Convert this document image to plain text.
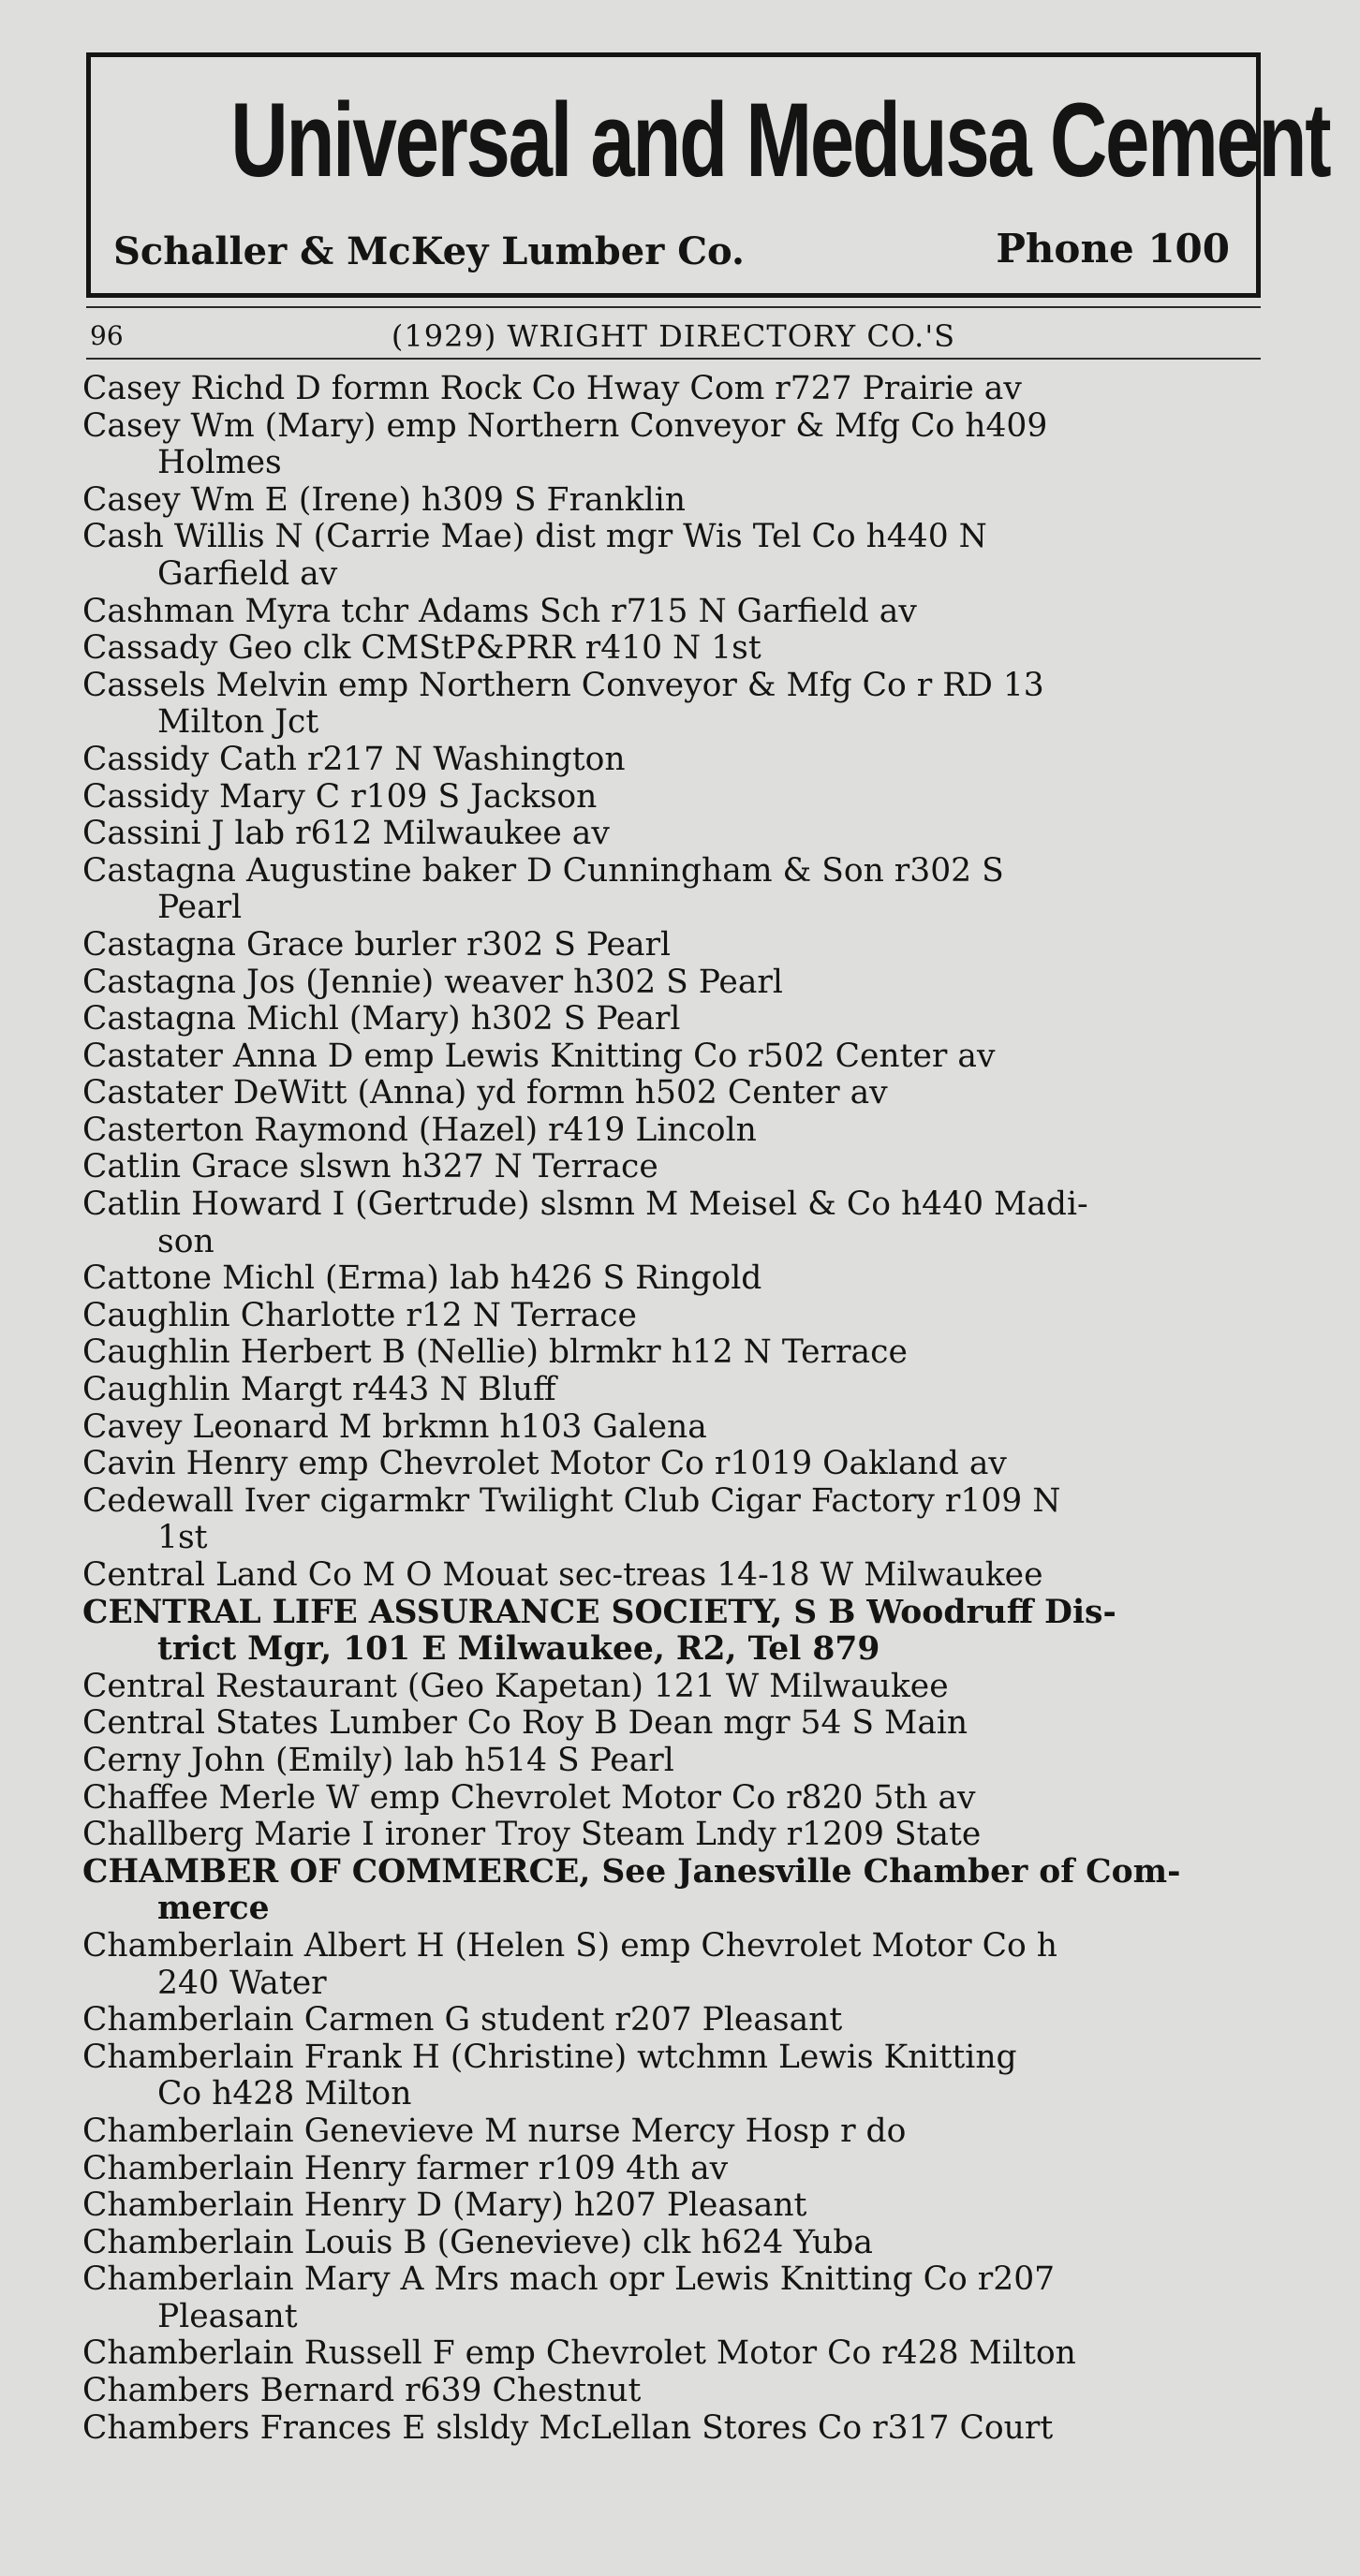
Universal and Medusa Cement
Schaller & McKey Lumber Co.	Phone 100
96	(1929) WRIGHT DIRECTORY CO.'S
Casey Richd D formn Rock Co Hway Com r727 Prairie av
Casey Wm (Mary) emp Northern Conveyor & Mfg Co h409
Holmes
Casey Wm E (Irene) h309 S Franklin
Cash Willis N (Carrie Mae) dist mgr Wis Tel Co h440 N
Garfield av
Cashman Myra tchr Adams Sch r715 N Garfield av
Cassady Geo clk CMStP&PRR r410 N 1st
Cassels Melvin emp Northern Conveyor & Mfg Co r RD 13
Milton Jct
Cassidy Cath r217 N Washington
Cassidy Mary C r109 S Jackson
Cassini J lab r612 Milwaukee av
Castagna Augustine baker D Cunningham & Son r302 S
Pearl
Castagna Grace burler r302 S Pearl
Castagna Jos (Jennie) weaver h302 S Pearl
Castagna Michl (Mary) h302 S Pearl
Castater Anna D emp Lewis Knitting Co r502 Center av
Castater DeWitt (Anna) yd formn h502 Center av
Casterton Raymond (Hazel) r419 Lincoln
Catlin Grace slswn h327 N Terrace
Catlin Howard I (Gertrude) slsmn M Meisel & Co h440 Madi-
son
Cattone Michl (Erma) lab h426 S Ringold
Caughlin Charlotte r12 N Terrace
Caughlin Herbert B (Nellie) blrmkr h12 N Terrace
Caughlin Margt r443 N Bluff
Cavey Leonard M brkmn h103 Galena
Cavin Henry emp Chevrolet Motor Co r1019 Oakland av
Cedewall Iver cigarmkr Twilight Club Cigar Factory r109 N
1st
Central Land Co M O Mouat sec-treas 14-18 W Milwaukee
CENTRAL LIFE ASSURANCE SOCIETY, S B Woodruff Dis-
trict Mgr, 101 E Milwaukee, R2, Tel 879
Central Restaurant (Geo Kapetan) 121 W Milwaukee
Central States Lumber Co Roy B Dean mgr 54 S Main
Cerny John (Emily) lab h514 S Pearl
Chaffee Merle W emp Chevrolet Motor Co r820 5th av
Challberg Marie I ironer Troy Steam Lndy r1209 State
CHAMBER OF COMMERCE, See Janesville Chamber of Com-
merce
Chamberlain Albert H (Helen S) emp Chevrolet Motor Co h
240 Water
Chamberlain Carmen G student r207 Pleasant
Chamberlain Frank H (Christine) wtchmn Lewis Knitting
Co h428 Milton
Chamberlain Genevieve M nurse Mercy Hosp r do
Chamberlain Henry farmer r109 4th av
Chamberlain Henry D (Mary) h207 Pleasant
Chamberlain Louis B (Genevieve) clk h624 Yuba
Chamberlain Mary A Mrs mach opr Lewis Knitting Co r207
Pleasant
Chamberlain Russell F emp Chevrolet Motor Co r428 Milton
Chambers Bernard r639 Chestnut
Chambers Frances E slsldy McLellan Stores Co r317 Court
